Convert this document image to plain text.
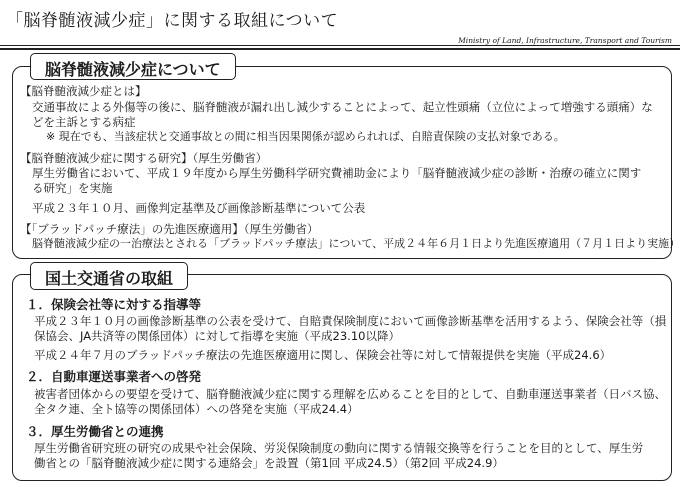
「脳脊髄液減少症」に関する取組について
Ministry of Land, Infrastructure, Transport and Tourism
脳脊髄液減少症について
【脳脊髄液減少症とは】
交通事故による外傷等の後に、脳脊髄液が漏れ出し減少することによって、起立性頭痛（立位によって増強する頭痛）な
どを主訴とする病症
※ 現在でも、当該症状と交通事故との間に相当因果関係が認められれば、自賠責保険の支払対象である。
【脳脊髄液減少症に関する研究】（厚生労働省）
厚生労働省において、平成１９年度から厚生労働科学研究費補助金により「脳脊髄液減少症の診断・治療の確立に関す
る研究」を実施
平成２３年１０月、画像判定基準及び画像診断基準について公表
【「ブラッドパッチ療法」の先進医療適用】（厚生労働省）
脳脊髄液減少症の一治療法とされる「ブラッドパッチ療法」について、平成２４年６月１日より先進医療適用（７月１日より実施）
国土交通省の取組
１．保険会社等に対する指導等
平成２３年１０月の画像診断基準の公表を受けて、自賠責保険制度において画像診断基準を活用するよう、保険会社等（損
保協会、JA共済等の関係団体）に対して指導を実施（平成23.10以降）
平成２４年７月のブラッドパッチ療法の先進医療適用に関し、保険会社等に対して情報提供を実施（平成24.6）
２．自動車運送事業者への啓発
被害者団体からの要望を受けて、脳脊髄液減少症に関する理解を広めることを目的として、自動車運送事業者（日バス協、
全タク連、全ト協等の関係団体）への啓発を実施（平成24.4）
３．厚生労働省との連携
厚生労働省研究班の研究の成果や社会保険、労災保険制度の動向に関する情報交換等を行うことを目的として、厚生労
働省との「脳脊髄液減少症に関する連絡会」を設置（第1回 平成24.5）（第2回 平成24.9）
